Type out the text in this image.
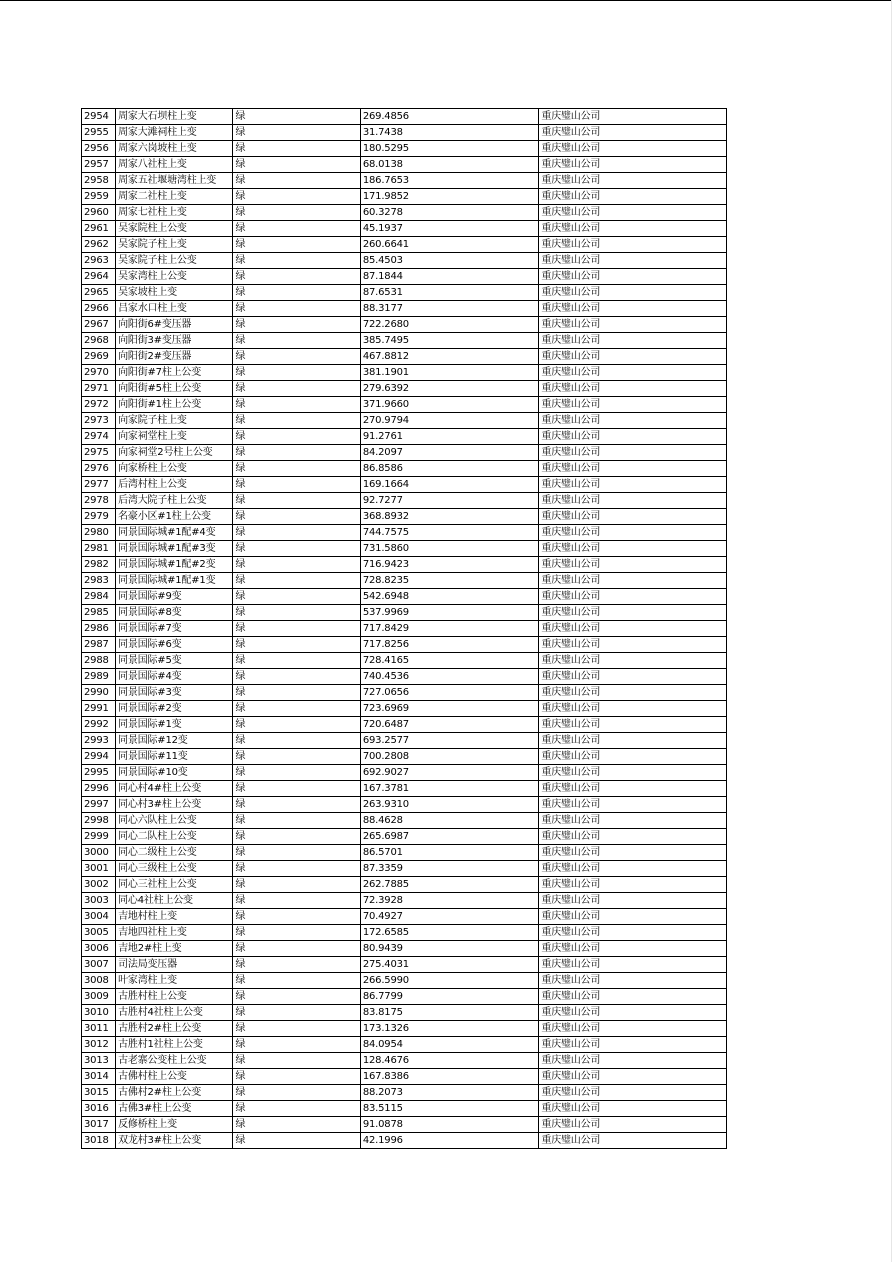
2954	周家大石坝柱上变	绿	269.4856	重庆璧山公司
2955	周家大滩祠柱上变	绿	31.7438	重庆璧山公司
2956	周家六岗坡柱上变	绿	180.5295	重庆璧山公司
2957	周家八社柱上变	绿	68.0138	重庆璧山公司
2958	周家五社堰塘湾柱上变	绿	186.7653	重庆璧山公司
2959	周家二社柱上变	绿	171.9852	重庆璧山公司
2960	周家七社柱上变	绿	60.3278	重庆璧山公司
2961	吴家院柱上公变	绿	45.1937	重庆璧山公司
2962	吴家院子柱上变	绿	260.6641	重庆璧山公司
2963	吴家院子柱上公变	绿	85.4503	重庆璧山公司
2964	吴家湾柱上公变	绿	87.1844	重庆璧山公司
2965	吴家坡柱上变	绿	87.6531	重庆璧山公司
2966	吕家水口柱上变	绿	88.3177	重庆璧山公司
2967	向阳街6#变压器	绿	722.2680	重庆璧山公司
2968	向阳街3#变压器	绿	385.7495	重庆璧山公司
2969	向阳街2#变压器	绿	467.8812	重庆璧山公司
2970	向阳街#7柱上公变	绿	381.1901	重庆璧山公司
2971	向阳街#5柱上公变	绿	279.6392	重庆璧山公司
2972	向阳街#1柱上公变	绿	371.9660	重庆璧山公司
2973	向家院子柱上变	绿	270.9794	重庆璧山公司
2974	向家祠堂柱上变	绿	91.2761	重庆璧山公司
2975	向家祠堂2号柱上公变	绿	84.2097	重庆璧山公司
2976	向家桥柱上公变	绿	86.8586	重庆璧山公司
2977	后湾村柱上公变	绿	169.1664	重庆璧山公司
2978	后湾大院子柱上公变	绿	92.7277	重庆璧山公司
2979	名豪小区#1柱上公变	绿	368.8932	重庆璧山公司
2980	同景国际城#1配#4变	绿	744.7575	重庆璧山公司
2981	同景国际城#1配#3变	绿	731.5860	重庆璧山公司
2982	同景国际城#1配#2变	绿	716.9423	重庆璧山公司
2983	同景国际城#1配#1变	绿	728.8235	重庆璧山公司
2984	同景国际#9变	绿	542.6948	重庆璧山公司
2985	同景国际#8变	绿	537.9969	重庆璧山公司
2986	同景国际#7变	绿	717.8429	重庆璧山公司
2987	同景国际#6变	绿	717.8256	重庆璧山公司
2988	同景国际#5变	绿	728.4165	重庆璧山公司
2989	同景国际#4变	绿	740.4536	重庆璧山公司
2990	同景国际#3变	绿	727.0656	重庆璧山公司
2991	同景国际#2变	绿	723.6969	重庆璧山公司
2992	同景国际#1变	绿	720.6487	重庆璧山公司
2993	同景国际#12变	绿	693.2577	重庆璧山公司
2994	同景国际#11变	绿	700.2808	重庆璧山公司
2995	同景国际#10变	绿	692.9027	重庆璧山公司
2996	同心村4#柱上公变	绿	167.3781	重庆璧山公司
2997	同心村3#柱上公变	绿	263.9310	重庆璧山公司
2998	同心六队柱上公变	绿	88.4628	重庆璧山公司
2999	同心二队柱上公变	绿	265.6987	重庆璧山公司
3000	同心二级柱上公变	绿	86.5701	重庆璧山公司
3001	同心三级柱上公变	绿	87.3359	重庆璧山公司
3002	同心三社柱上公变	绿	262.7885	重庆璧山公司
3003	同心4社柱上公变	绿	72.3928	重庆璧山公司
3004	吉地村柱上变	绿	70.4927	重庆璧山公司
3005	吉地四社柱上变	绿	172.6585	重庆璧山公司
3006	吉地2#柱上变	绿	80.9439	重庆璧山公司
3007	司法局变压器	绿	275.4031	重庆璧山公司
3008	叶家湾柱上变	绿	266.5990	重庆璧山公司
3009	古胜村柱上公变	绿	86.7799	重庆璧山公司
3010	古胜村4社柱上公变	绿	83.8175	重庆璧山公司
3011	古胜村2#柱上公变	绿	173.1326	重庆璧山公司
3012	古胜村1社柱上公变	绿	84.0954	重庆璧山公司
3013	古老寨公变柱上公变	绿	128.4676	重庆璧山公司
3014	古佛村柱上公变	绿	167.8386	重庆璧山公司
3015	古佛村2#柱上公变	绿	88.2073	重庆璧山公司
3016	古佛3#柱上公变	绿	83.5115	重庆璧山公司
3017	反修桥柱上变	绿	91.0878	重庆璧山公司
3018	双龙村3#柱上公变	绿	42.1996	重庆璧山公司
